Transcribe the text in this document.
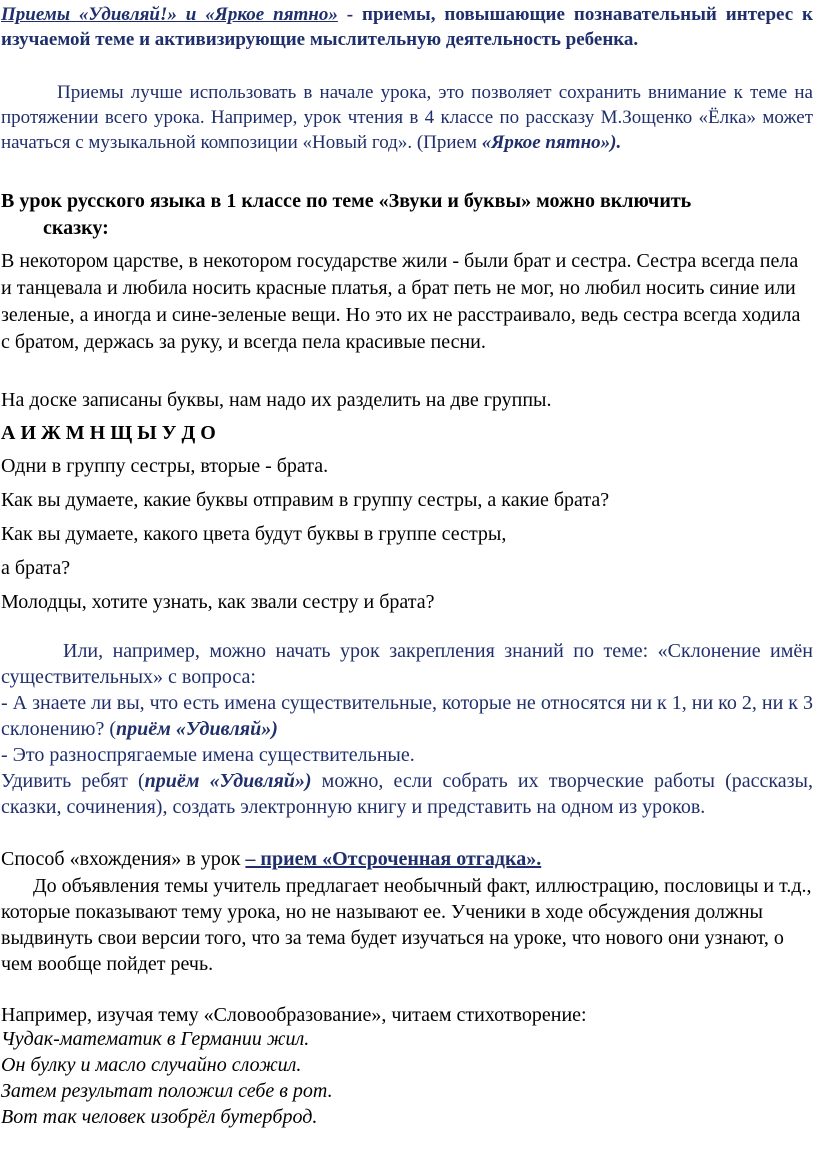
Приемы «Удивляй!» и «Яркое пятно» - приемы, повышающие познавательный интерес к изучаемой теме и активизирующие мыслительную деятельность ребенка.

Приемы лучше использовать в начале урока, это позволяет сохранить внимание к теме на протяжении всего урока. Например, урок чтения в 4 классе по рассказу М.Зощенко «Ёлка» может начаться с музыкальной композиции «Новый год». (Прием «Яркое пятно»).

В урок русского языка в 1 классе по теме «Звуки и буквы» можно включить
сказку:

В некотором царстве, в некотором государстве жили - были брат и сестра. Сестра всегда пела и танцевала и любила носить красные платья, а брат петь не мог, но любил носить синие или зеленые, а иногда и сине-зеленые вещи. Но это их не расстраивало, ведь сестра всегда ходила с братом, держась за руку, и всегда пела красивые песни.

На доске записаны буквы, нам надо их разделить на две группы.

А И Ж М Н Щ Ы У Д О

Одни в группу сестры, вторые - брата.

Как вы думаете, какие буквы отправим в группу сестры, а какие брата?

Как вы думаете, какого цвета будут буквы в группе сестры,

а брата?

Молодцы, хотите узнать, как звали сестру и брата?

Или, например, можно начать урок закрепления знаний по теме: «Склонение имён существительных» с вопроса:

- А знаете ли вы, что есть имена существительные, которые не относятся ни к 1, ни ко 2, ни к 3 склонению? (приём «Удивляй»)

- Это разноспрягаемые имена существительные.

Удивить ребят (приём «Удивляй») можно, если собрать их творческие работы (рассказы, сказки, сочинения), создать электронную книгу и представить на одном из уроков.

Способ «вхождения» в урок – прием «Отсроченная отгадка».

До объявления темы учитель предлагает необычный факт, иллюстрацию, пословицы и т.д., которые показывают тему урока, но не называют ее. Ученики в ходе обсуждения должны выдвинуть свои версии того, что за тема будет изучаться на уроке, что нового они узнают, о чем вообще пойдет речь.

Например, изучая тему «Словообразование», читаем стихотворение:

Чудак-математик в Германии жил.
Он булку и масло случайно сложил.
Затем результат положил себе в рот.
Вот так человек изобрёл бутерброд.
